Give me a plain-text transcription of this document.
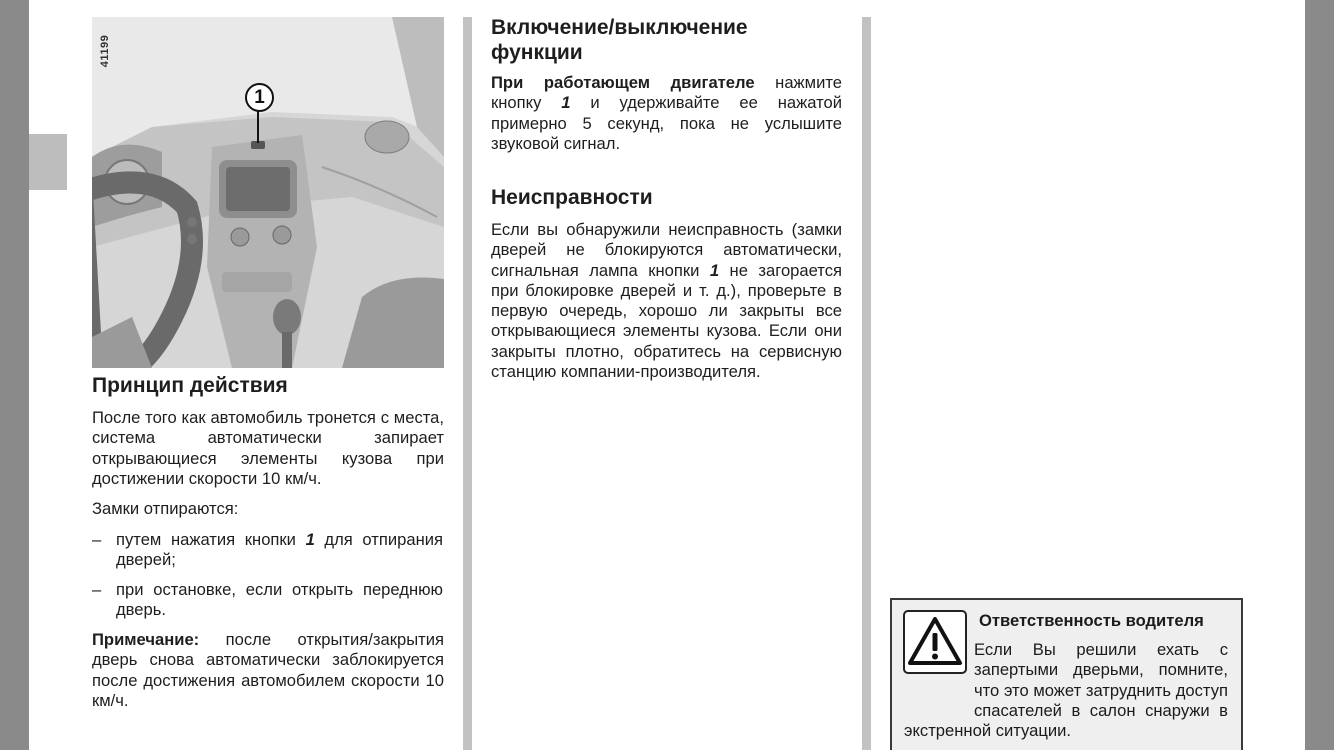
41199
1
Принцип действия
После того как автомобиль тронется с места, система автоматически запирает открывающиеся элементы кузова при достижении скорости 10 км/ч.
Замки отпираются:
– путем нажатия кнопки 1 для отпирания дверей;
– при остановке, если открыть переднюю дверь.
Примечание: после открытия/закрытия дверь снова автоматически заблокируется после достижения автомобилем скорости 10 км/ч.
Включение/выключение функции
При работающем двигателе нажмите кнопку 1 и удерживайте ее нажатой примерно 5 секунд, пока не услышите звуковой сигнал.
Неисправности
Если вы обнаружили неисправность (замки дверей не блокируются автоматически, сигнальная лампа кнопки 1 не загорается при блокировке дверей и т. д.), проверьте в первую очередь, хорошо ли закрыты все открывающиеся элементы кузова. Если они закрыты плотно, обратитесь на сервисную станцию компании-производителя.
Ответственность водителя
Если Вы решили ехать с запертыми дверьми, помните, что это может затруднить доступ спасателей в салон снаружи в экстренной ситуации.
